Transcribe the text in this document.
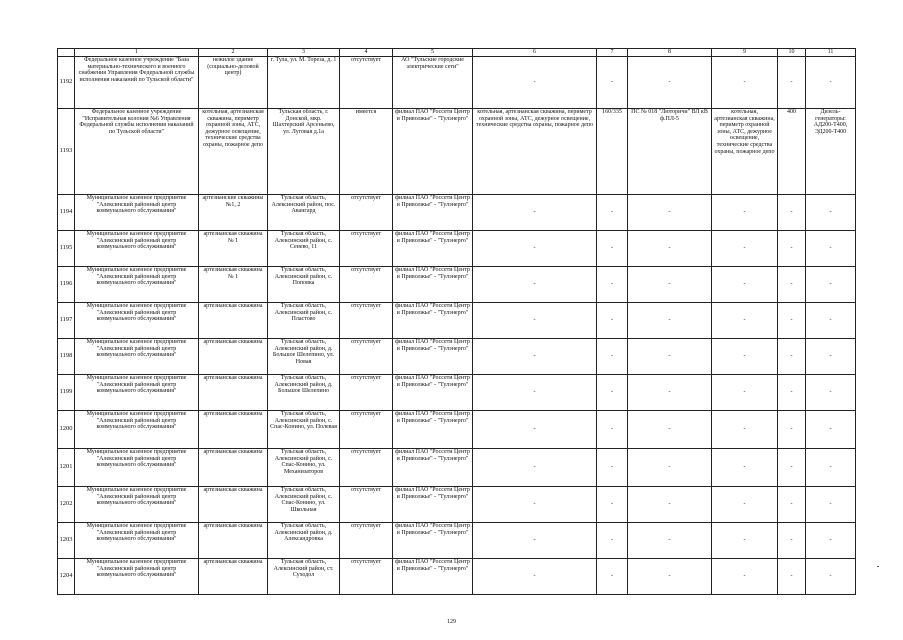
	1	2	3	4	5	6	7	8	9	10	11
1192	Федеральное казенное учреждение "База материально-технического и военного снабжения Управления Федеральной службы исполнения наказаний по Тульской области"	нежилое здание (социально-деловой центр)	г. Тула, ул. М. Тореза, д. 1	отсутствует	АО "Тульские городские электрические сети"	-	-	-	-	-	-
1193	Федеральное казенное учреждение "Исправительная колония №6 Управления Федеральной службы исполнения наказаний по Тульской области"	котельная, артезианская скважина, периметр охранной зоны, АТС, дежурное освещение, технические средства охраны, пожарное депо	Тульская область, г. Донской, мкр. Шахтерский Арсеньево, ул. Луговая д.1а	имеется	филиал ПАО "Россети Центр и Приволжье" - "Тулэнерго"	котельная, артезианская скважина, периметр охранной зоны, АТС, дежурное освещение, технические средства охраны, пожарное депо	160/335	ПС № 018 "Люторичи" ВЛ кВ ф.ПЛ-5	котельная, артезианская скважина, периметр охранной зоны, АТС, дежурное освещение, технические средства охраны, пожарное депо	400	Дизель-генераторы: АД200-Т400, ЭД200-Т400
1194	Муниципальное казенное предприятие "Алексинский районный центр коммунального обслуживания"	артезианские скважины №1, 2	Тульская область, Алексинский район, пос. Авангард	отсутствует	филиал ПАО "Россети Центр и Приволжье" - "Тулэнерго"	-	-	-	-	-	-
1195	Муниципальное казенное предприятие "Алексинский районный центр коммунального обслуживания"	артезианская скважина № 1	Тульская область, Алексинский район, с. Сенево, 11	отсутствует	филиал ПАО "Россети Центр и Приволжье" - "Тулэнерго"	-	-	-	-	-	-
1196	Муниципальное казенное предприятие "Алексинский районный центр коммунального обслуживания"	артезианская скважина № 1	Тульская область, Алексинский район, с. Поповка	отсутствует	филиал ПАО "Россети Центр и Приволжье" - "Тулэнерго"	-	-	-	-	-	-
1197	Муниципальное казенное предприятие "Алексинский районный центр коммунального обслуживания"	артезианская скважина	Тульская область, Алексинский район, с. Пластово	отсутствует	филиал ПАО "Россети Центр и Приволжье" - "Тулэнерго"	-	-	-	-	-	-
1198	Муниципальное казенное предприятие "Алексинский районный центр коммунального обслуживания"	артезианская скважина	Тульская область, Алексинский район, д. Большое Шелепино, ул. Новая	отсутствует	филиал ПАО "Россети Центр и Приволжье" - "Тулэнерго"	-	-	-	-	-	-
1199	Муниципальное казенное предприятие "Алексинский районный центр коммунального обслуживания"	артезианская скважина	Тульская область, Алексинский район, д. Большое Шелепино	отсутствует	филиал ПАО "Россети Центр и Приволжье" - "Тулэнерго"	-	-	-	-	-	-
1200	Муниципальное казенное предприятие "Алексинский районный центр коммунального обслуживания"	артезианская скважина	Тульская область, Алексинский район, с. Спас-Конино, ул. Полевая	отсутствует	филиал ПАО "Россети Центр и Приволжье" - "Тулэнерго"	-	-	-	-	-	-
1201	Муниципальное казенное предприятие "Алексинский районный центр коммунального обслуживания"	артезианская скважина	Тульская область, Алексинский район, с. Спас-Конино, ул. Механизаторов	отсутствует	филиал ПАО "Россети Центр и Приволжье" - "Тулэнерго"	-	-	-	-	-	-
1202	Муниципальное казенное предприятие "Алексинский районный центр коммунального обслуживания"	артезианская скважина	Тульская область, Алексинский район, с. Спас-Конино, ул. Школьная	отсутствует	филиал ПАО "Россети Центр и Приволжье" - "Тулэнерго"	-	-	-	-	-	-
1203	Муниципальное казенное предприятие "Алексинский районный центр коммунального обслуживания"	артезианская скважина	Тульская область, Алексинский район, д. Александровка	отсутствует	филиал ПАО "Россети Центр и Приволжье" - "Тулэнерго"	-	-	-	-	-	-
1204	Муниципальное казенное предприятие "Алексинский районный центр коммунального обслуживания"	артезианская скважина	Тульская область, Алексинский район, ст. Суходол	отсутствует	филиал ПАО "Россети Центр и Приволжье" - "Тулэнерго"	-	-	-	-	-	-
129
